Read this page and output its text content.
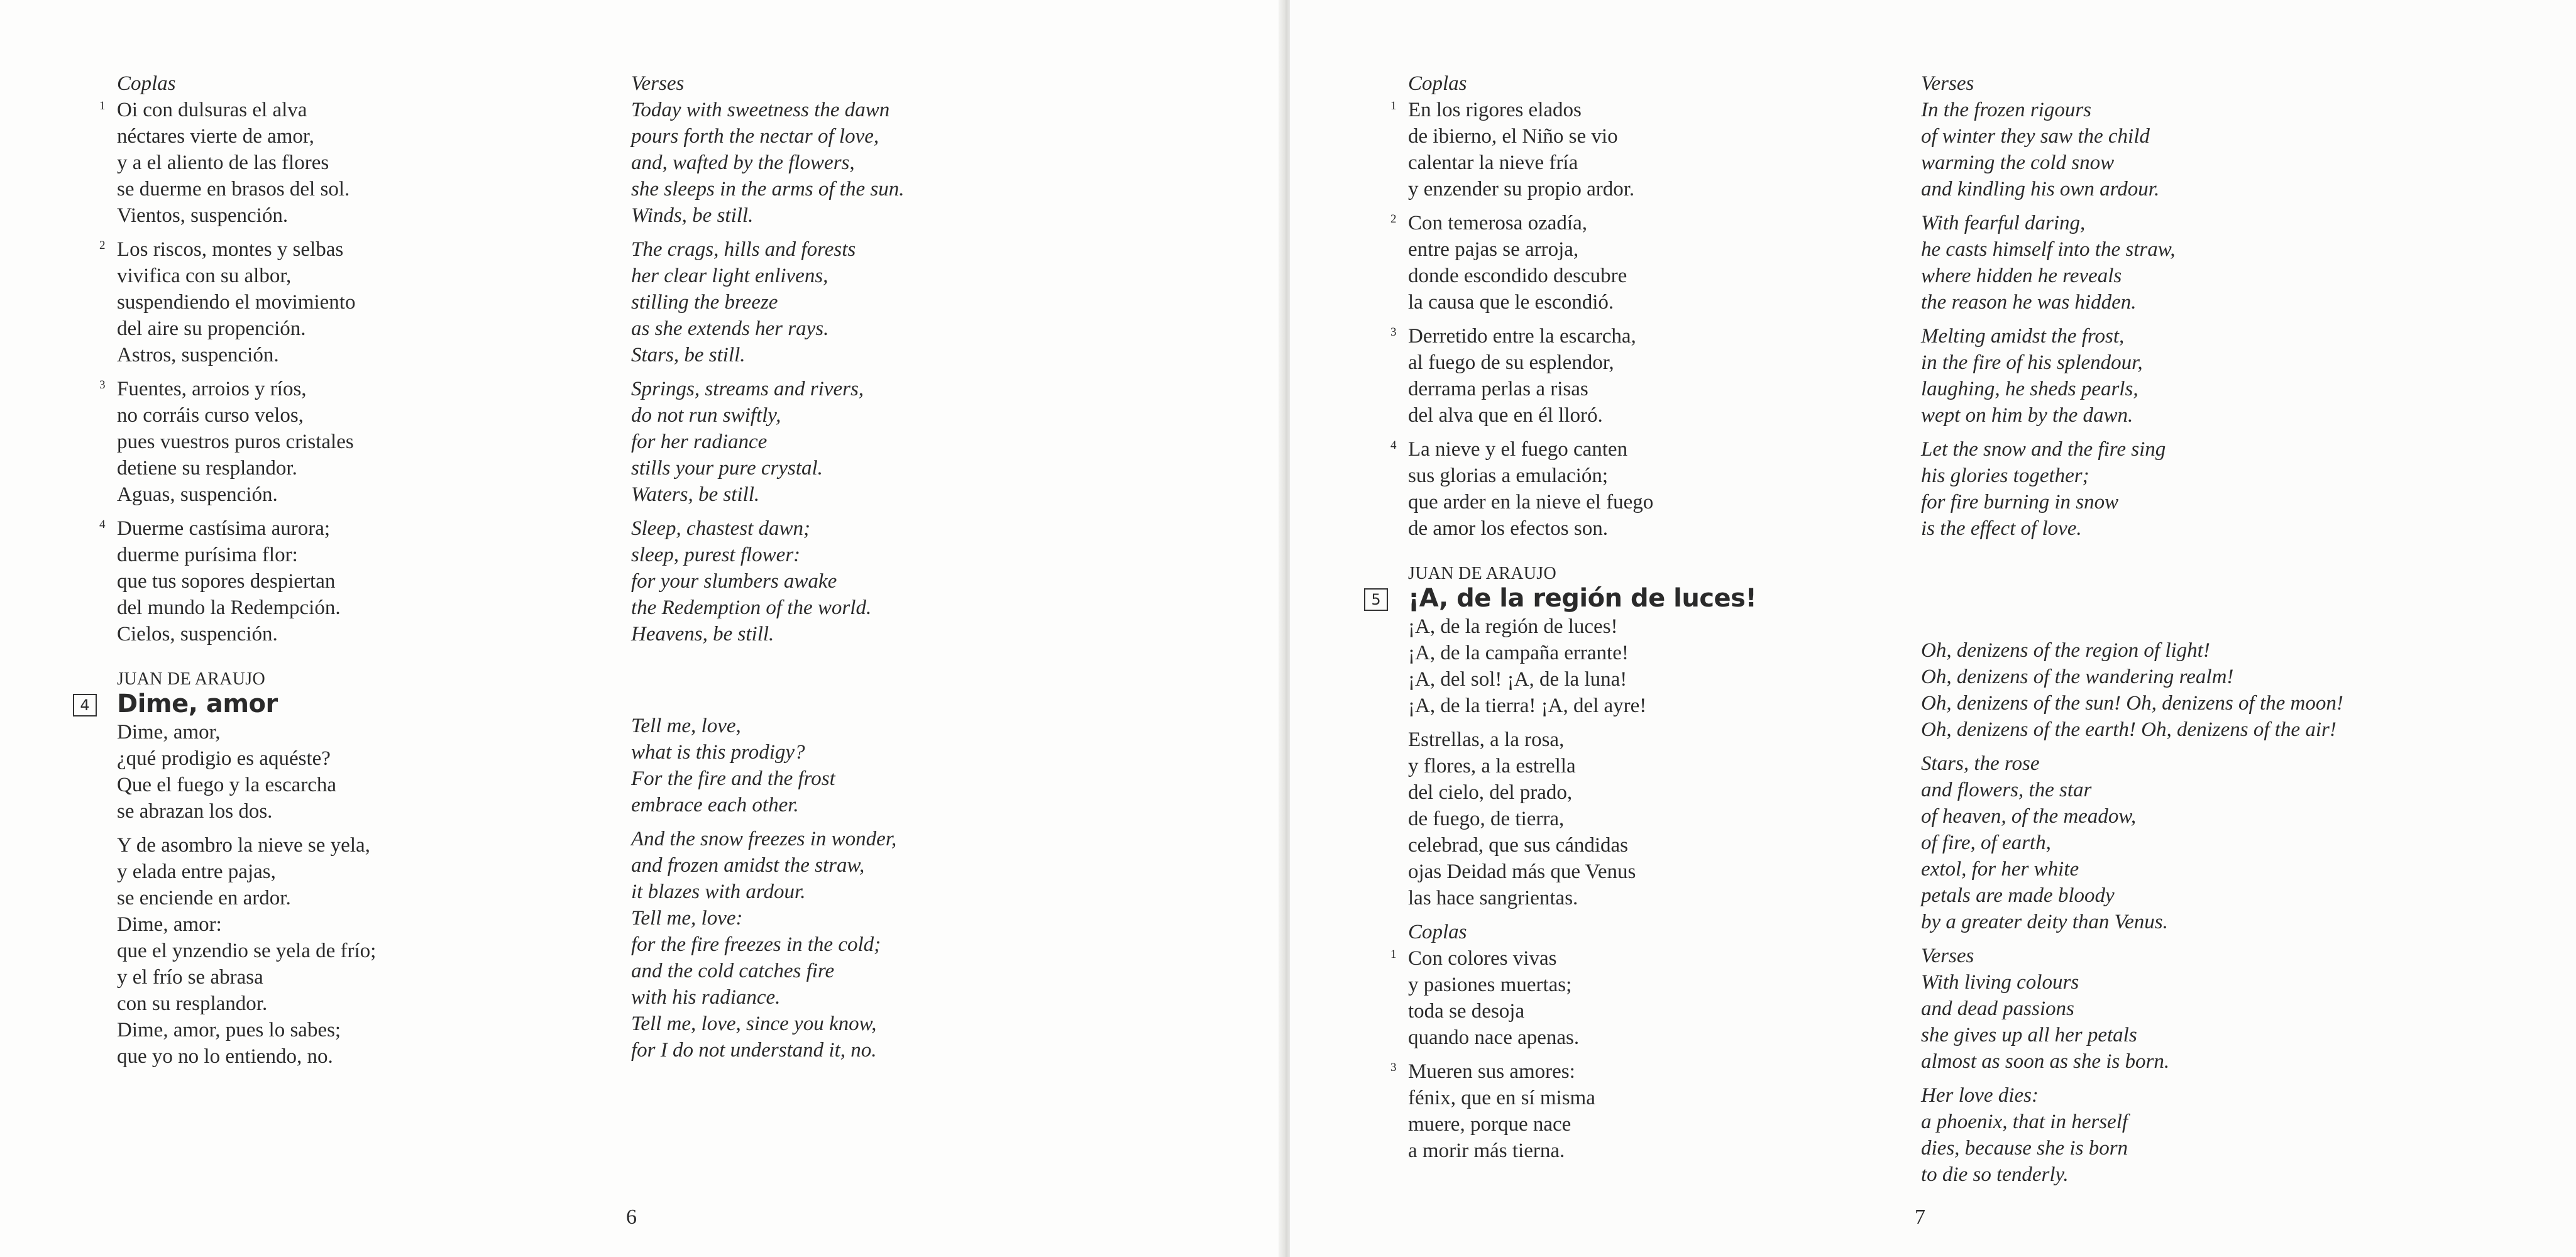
Coplas
1 Oi con dulsuras el alva
néctares vierte de amor,
y a el aliento de las flores
se duerme en brasos del sol.
Vientos, suspención.
2 Los riscos, montes y selbas
vivifica con su albor,
suspendiendo el movimiento
del aire su propención.
Astros, suspención.
3 Fuentes, arroios y ríos,
no corráis curso velos,
pues vuestros puros cristales
detiene su resplandor.
Aguas, suspención.
4 Duerme castísima aurora;
duerme purísima flor:
que tus sopores despiertan
del mundo la Redempción.
Cielos, suspención.
JUAN DE ARAUJO
4 Dime, amor
Dime, amor,
¿qué prodigio es aquéste?
Que el fuego y la escarcha
se abrazan los dos.
Y de asombro la nieve se yela,
y elada entre pajas,
se enciende en ardor.
Dime, amor:
que el ynzendio se yela de frío;
y el frío se abrasa
con su resplandor.
Dime, amor, pues lo sabes;
que yo no lo entiendo, no.
Verses
Today with sweetness the dawn
pours forth the nectar of love,
and, wafted by the flowers,
she sleeps in the arms of the sun.
Winds, be still.
The crags, hills and forests
her clear light enlivens,
stilling the breeze
as she extends her rays.
Stars, be still.
Springs, streams and rivers,
do not run swiftly,
for her radiance
stills your pure crystal.
Waters, be still.
Sleep, chastest dawn;
sleep, purest flower:
for your slumbers awake
the Redemption of the world.
Heavens, be still.
Tell me, love,
what is this prodigy?
For the fire and the frost
embrace each other.
And the snow freezes in wonder,
and frozen amidst the straw,
it blazes with ardour.
Tell me, love:
for the fire freezes in the cold;
and the cold catches fire
with his radiance.
Tell me, love, since you know,
for I do not understand it, no.
6
Coplas
1 En los rigores elados
de ibierno, el Niño se vio
calentar la nieve fría
y enzender su propio ardor.
2 Con temerosa ozadía,
entre pajas se arroja,
donde escondido descubre
la causa que le escondió.
3 Derretido entre la escarcha,
al fuego de su esplendor,
derrama perlas a risas
del alva que en él lloró.
4 La nieve y el fuego canten
sus glorias a emulación;
que arder en la nieve el fuego
de amor los efectos son.
JUAN DE ARAUJO
5 ¡A, de la región de luces!
¡A, de la región de luces!
¡A, de la campaña errante!
¡A, del sol! ¡A, de la luna!
¡A, de la tierra! ¡A, del ayre!
Estrellas, a la rosa,
y flores, a la estrella
del cielo, del prado,
de fuego, de tierra,
celebrad, que sus cándidas
ojas Deidad más que Venus
las hace sangrientas.
Coplas
1 Con colores vivas
y pasiones muertas;
toda se desoja
quando nace apenas.
3 Mueren sus amores:
fénix, que en sí misma
muere, porque nace
a morir más tierna.
Verses
In the frozen rigours
of winter they saw the child
warming the cold snow
and kindling his own ardour.
With fearful daring,
he casts himself into the straw,
where hidden he reveals
the reason he was hidden.
Melting amidst the frost,
in the fire of his splendour,
laughing, he sheds pearls,
wept on him by the dawn.
Let the snow and the fire sing
his glories together;
for fire burning in snow
is the effect of love.
Oh, denizens of the region of light!
Oh, denizens of the wandering realm!
Oh, denizens of the sun! Oh, denizens of the moon!
Oh, denizens of the earth! Oh, denizens of the air!
Stars, the rose
and flowers, the star
of heaven, of the meadow,
of fire, of earth,
extol, for her white
petals are made bloody
by a greater deity than Venus.
Verses
With living colours
and dead passions
she gives up all her petals
almost as soon as she is born.
Her love dies:
a phoenix, that in herself
dies, because she is born
to die so tenderly.
7
